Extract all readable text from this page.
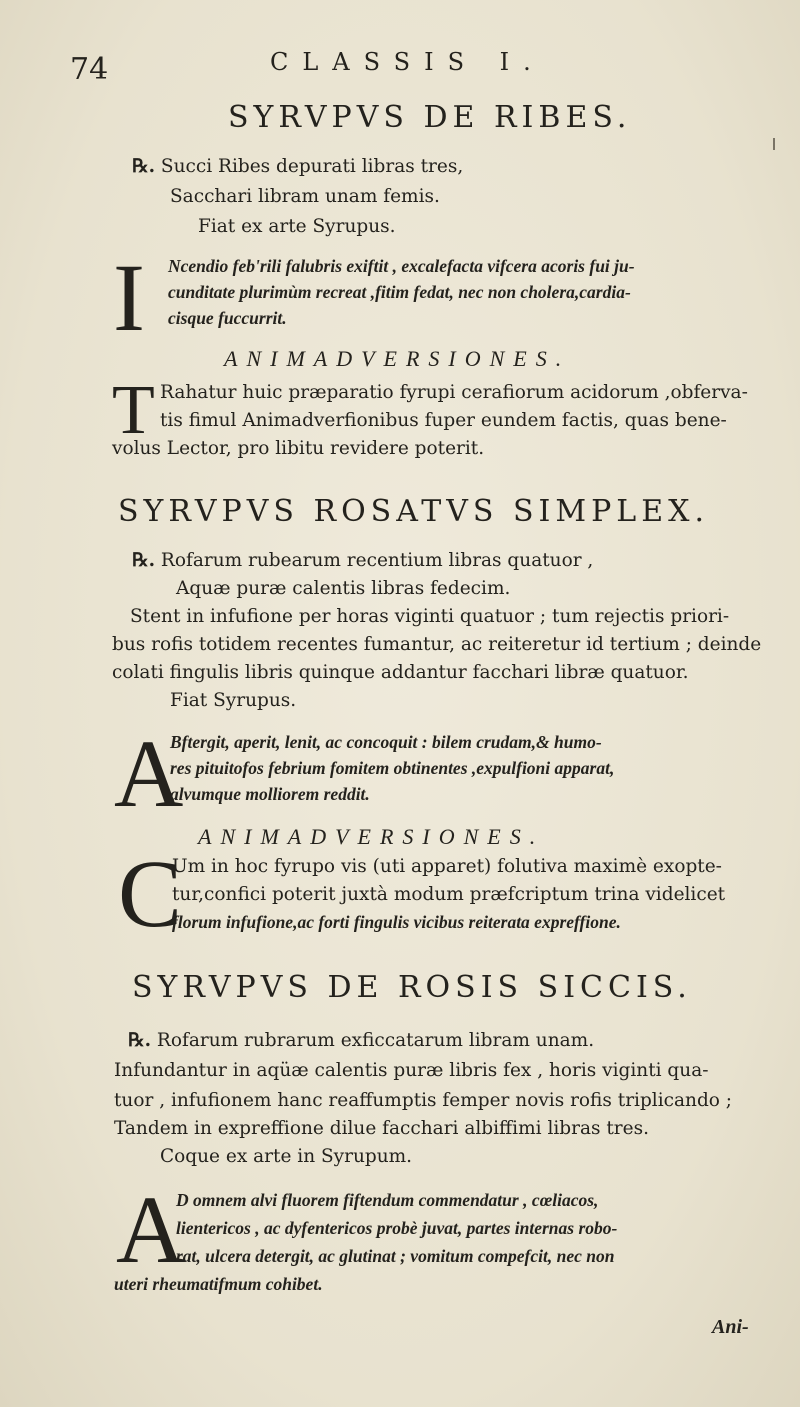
74	CLASSIS I.
SYRVPVS DE RIBES.
℞. Succi Ribes depurati libras tres,
Sacchari libram unam femis.
Fiat ex arte Syrupus.
I Ncendio feb'rili falubris exiftit , excalefacta vifcera acoris fui ju-
cunditate plurimùm recreat ,fitim fedat, nec non cholera,cardia-
cisque fuccurrit.
ANIMADVERSIONES.
T Rahatur huic præparatio fyrupi cerafiorum acidorum ,obferva-
tis fimul Animadverfionibus fuper eundem factis, quas bene-
volus Lector, pro libitu revidere poterit.
SYRVPVS ROSATVS SIMPLEX.
℞. Rofarum rubearum recentium libras quatuor ,
Aquæ puræ calentis libras fedecim.
Stent in infufione per horas viginti quatuor ; tum rejectis priori-
bus rofis totidem recentes fumantur, ac reiteretur id tertium ; deinde
colati fingulis libris quinque addantur facchari libræ quatuor.
Fiat Syrupus.
A
Bftergit, aperit, lenit, ac concoquit : bilem crudam,& humo-
res pituitofos febrium fomitem obtinentes ,expulfioni apparat,
alvumque molliorem reddit.
ANIMADVERSIONES.
C
Um in hoc fyrupo vis (uti apparet) folutiva maximè exopte-
tur,confici poterit juxtà modum præfcriptum trina videlicet
florum infufione,ac forti fingulis vicibus reiterata expreffione.
SYRVPVS DE ROSIS SICCIS.
℞. Rofarum rubrarum exficcatarum libram unam.
Infundantur in aqüæ calentis puræ libris fex , horis viginti qua-
tuor , infufionem hanc reaffumptis femper novis rofis triplicando ;
Tandem in expreffione dilue facchari albiffimi libras tres.
Coque ex arte in Syrupum.
A
D omnem alvi fluorem fiftendum commendatur , cœliacos,
lientericos , ac dyfentericos probè juvat, partes internas robo-
rat, ulcera detergit, ac glutinat ; vomitum compefcit, nec non
uteri rheumatifmum cohibet.
Ani-
